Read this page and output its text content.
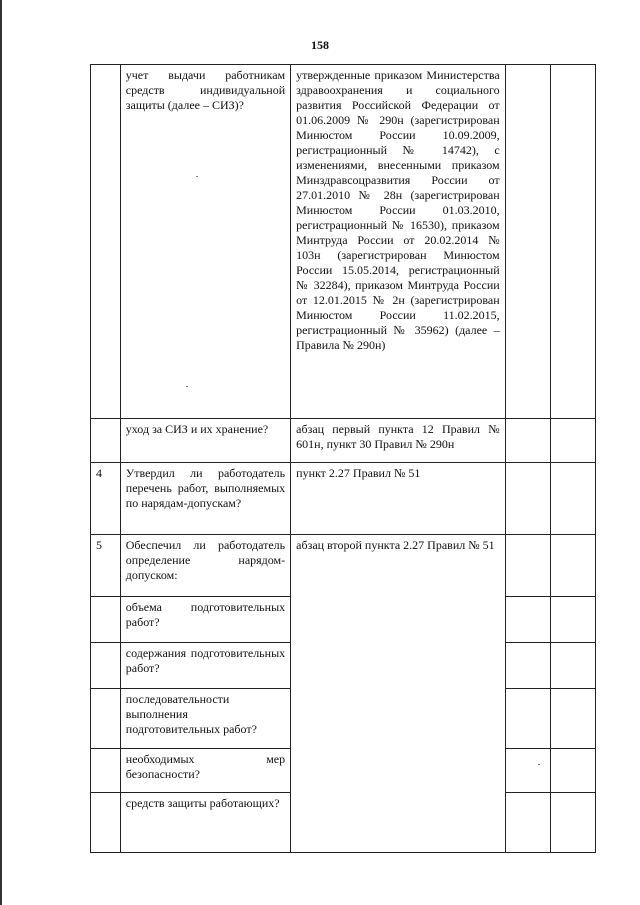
158
	учет выдачи работникам средств индивидуальной защиты (далее – СИЗ)?	утвержденные приказом Министерства здравоохранения и социального развития Российской Федерации от 01.06.2009 № 290н (зарегистрирован Минюстом России 10.09.2009, регистрационный № 14742), с изменениями, внесенными приказом Минздравсоцразвития России от 27.01.2010 № 28н (зарегистрирован Минюстом России 01.03.2010, регистрационный № 16530), приказом Минтруда России от 20.02.2014 № 103н (зарегистрирован Минюстом России 15.05.2014, регистрационный № 32284), приказом Минтруда России от 12.01.2015 № 2н (зарегистрирован Минюстом России 11.02.2015, регистрационный № 35962) (далее – Правила № 290н)		
	уход за СИЗ и их хранение?	абзац первый пункта 12 Правил № 601н, пункт 30 Правил № 290н		
4	Утвердил ли работодатель перечень работ, выполняемых по нарядам-допускам?	пункт 2.27 Правил № 51		
5	Обеспечил ли работодатель определение нарядом-допуском:	абзац второй пункта 2.27 Правил № 51		
	объема подготовительных работ?			
	содержания подготовительных работ?			
	последовательности выполнения подготовительных работ?			
	необходимых мер безопасности?			
	средств защиты работающих?			
